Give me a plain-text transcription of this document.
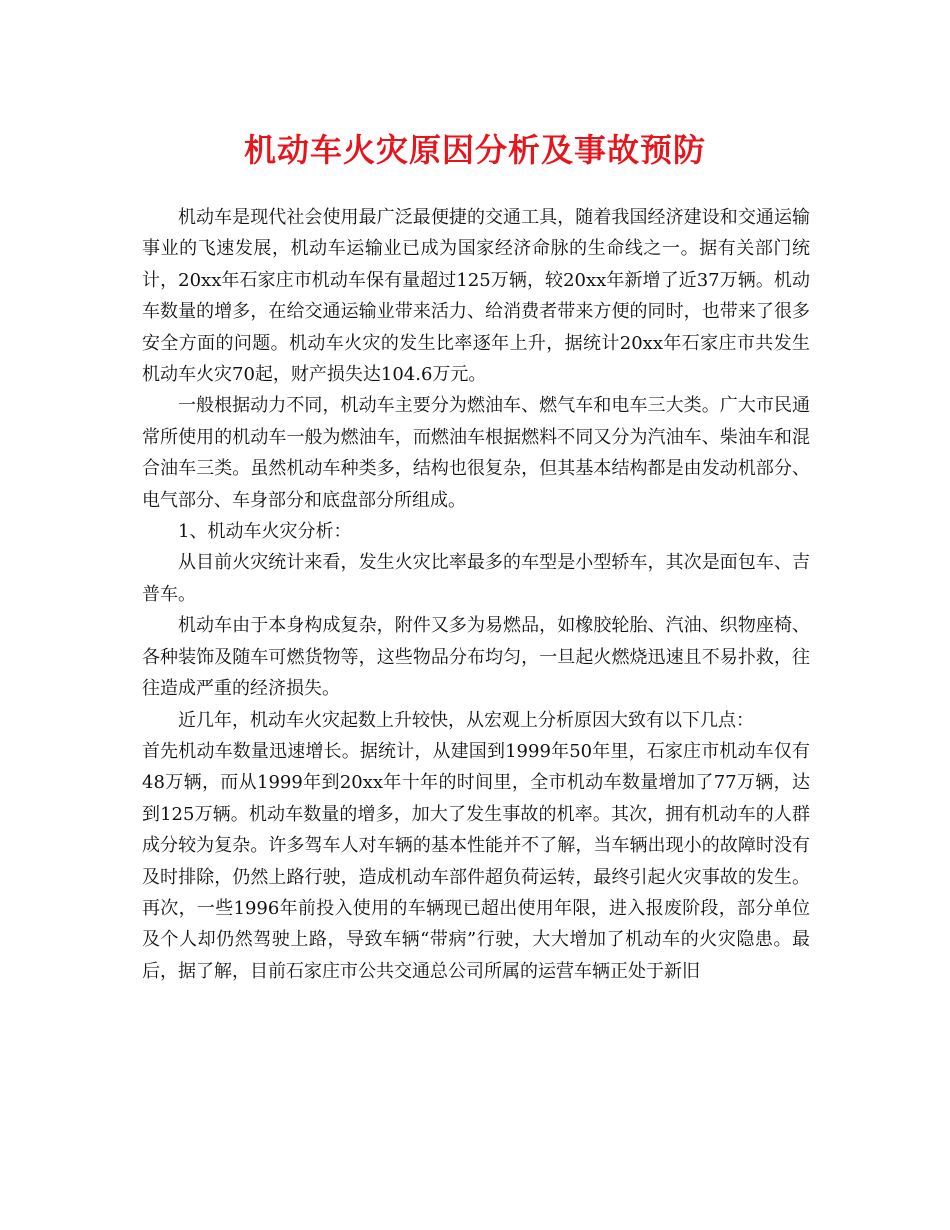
机动车火灾原因分析及事故预防

机动车是现代社会使用最广泛最便捷的交通工具，随着我国经济建设和交通运输事业的飞速发展，机动车运输业已成为国家经济命脉的生命线之一。据有关部门统计，20xx年石家庄市机动车保有量超过125万辆，较20xx年新增了近37万辆。机动车数量的增多，在给交通运输业带来活力、给消费者带来方便的同时，也带来了很多安全方面的问题。机动车火灾的发生比率逐年上升，据统计20xx年石家庄市共发生机动车火灾70起，财产损失达104.6万元。

一般根据动力不同，机动车主要分为燃油车、燃气车和电车三大类。广大市民通常所使用的机动车一般为燃油车，而燃油车根据燃料不同又分为汽油车、柴油车和混合油车三类。虽然机动车种类多，结构也很复杂，但其基本结构都是由发动机部分、电气部分、车身部分和底盘部分所组成。

1、机动车火灾分析：

从目前火灾统计来看，发生火灾比率最多的车型是小型轿车，其次是面包车、吉普车。

机动车由于本身构成复杂，附件又多为易燃品，如橡胶轮胎、汽油、织物座椅、各种装饰及随车可燃货物等，这些物品分布均匀，一旦起火燃烧迅速且不易扑救，往往造成严重的经济损失。

近几年，机动车火灾起数上升较快，从宏观上分析原因大致有以下几点：

首先机动车数量迅速增长。据统计，从建国到1999年50年里，石家庄市机动车仅有48万辆，而从1999年到20xx年十年的时间里，全市机动车数量增加了77万辆，达到125万辆。机动车数量的增多，加大了发生事故的机率。其次，拥有机动车的人群成分较为复杂。许多驾车人对车辆的基本性能并不了解，当车辆出现小的故障时没有及时排除，仍然上路行驶，造成机动车部件超负荷运转，最终引起火灾事故的发生。再次，一些1996年前投入使用的车辆现已超出使用年限，进入报废阶段，部分单位及个人却仍然驾驶上路，导致车辆“带病”行驶，大大增加了机动车的火灾隐患。最后，据了解，目前石家庄市公共交通总公司所属的运营车辆正处于新旧
